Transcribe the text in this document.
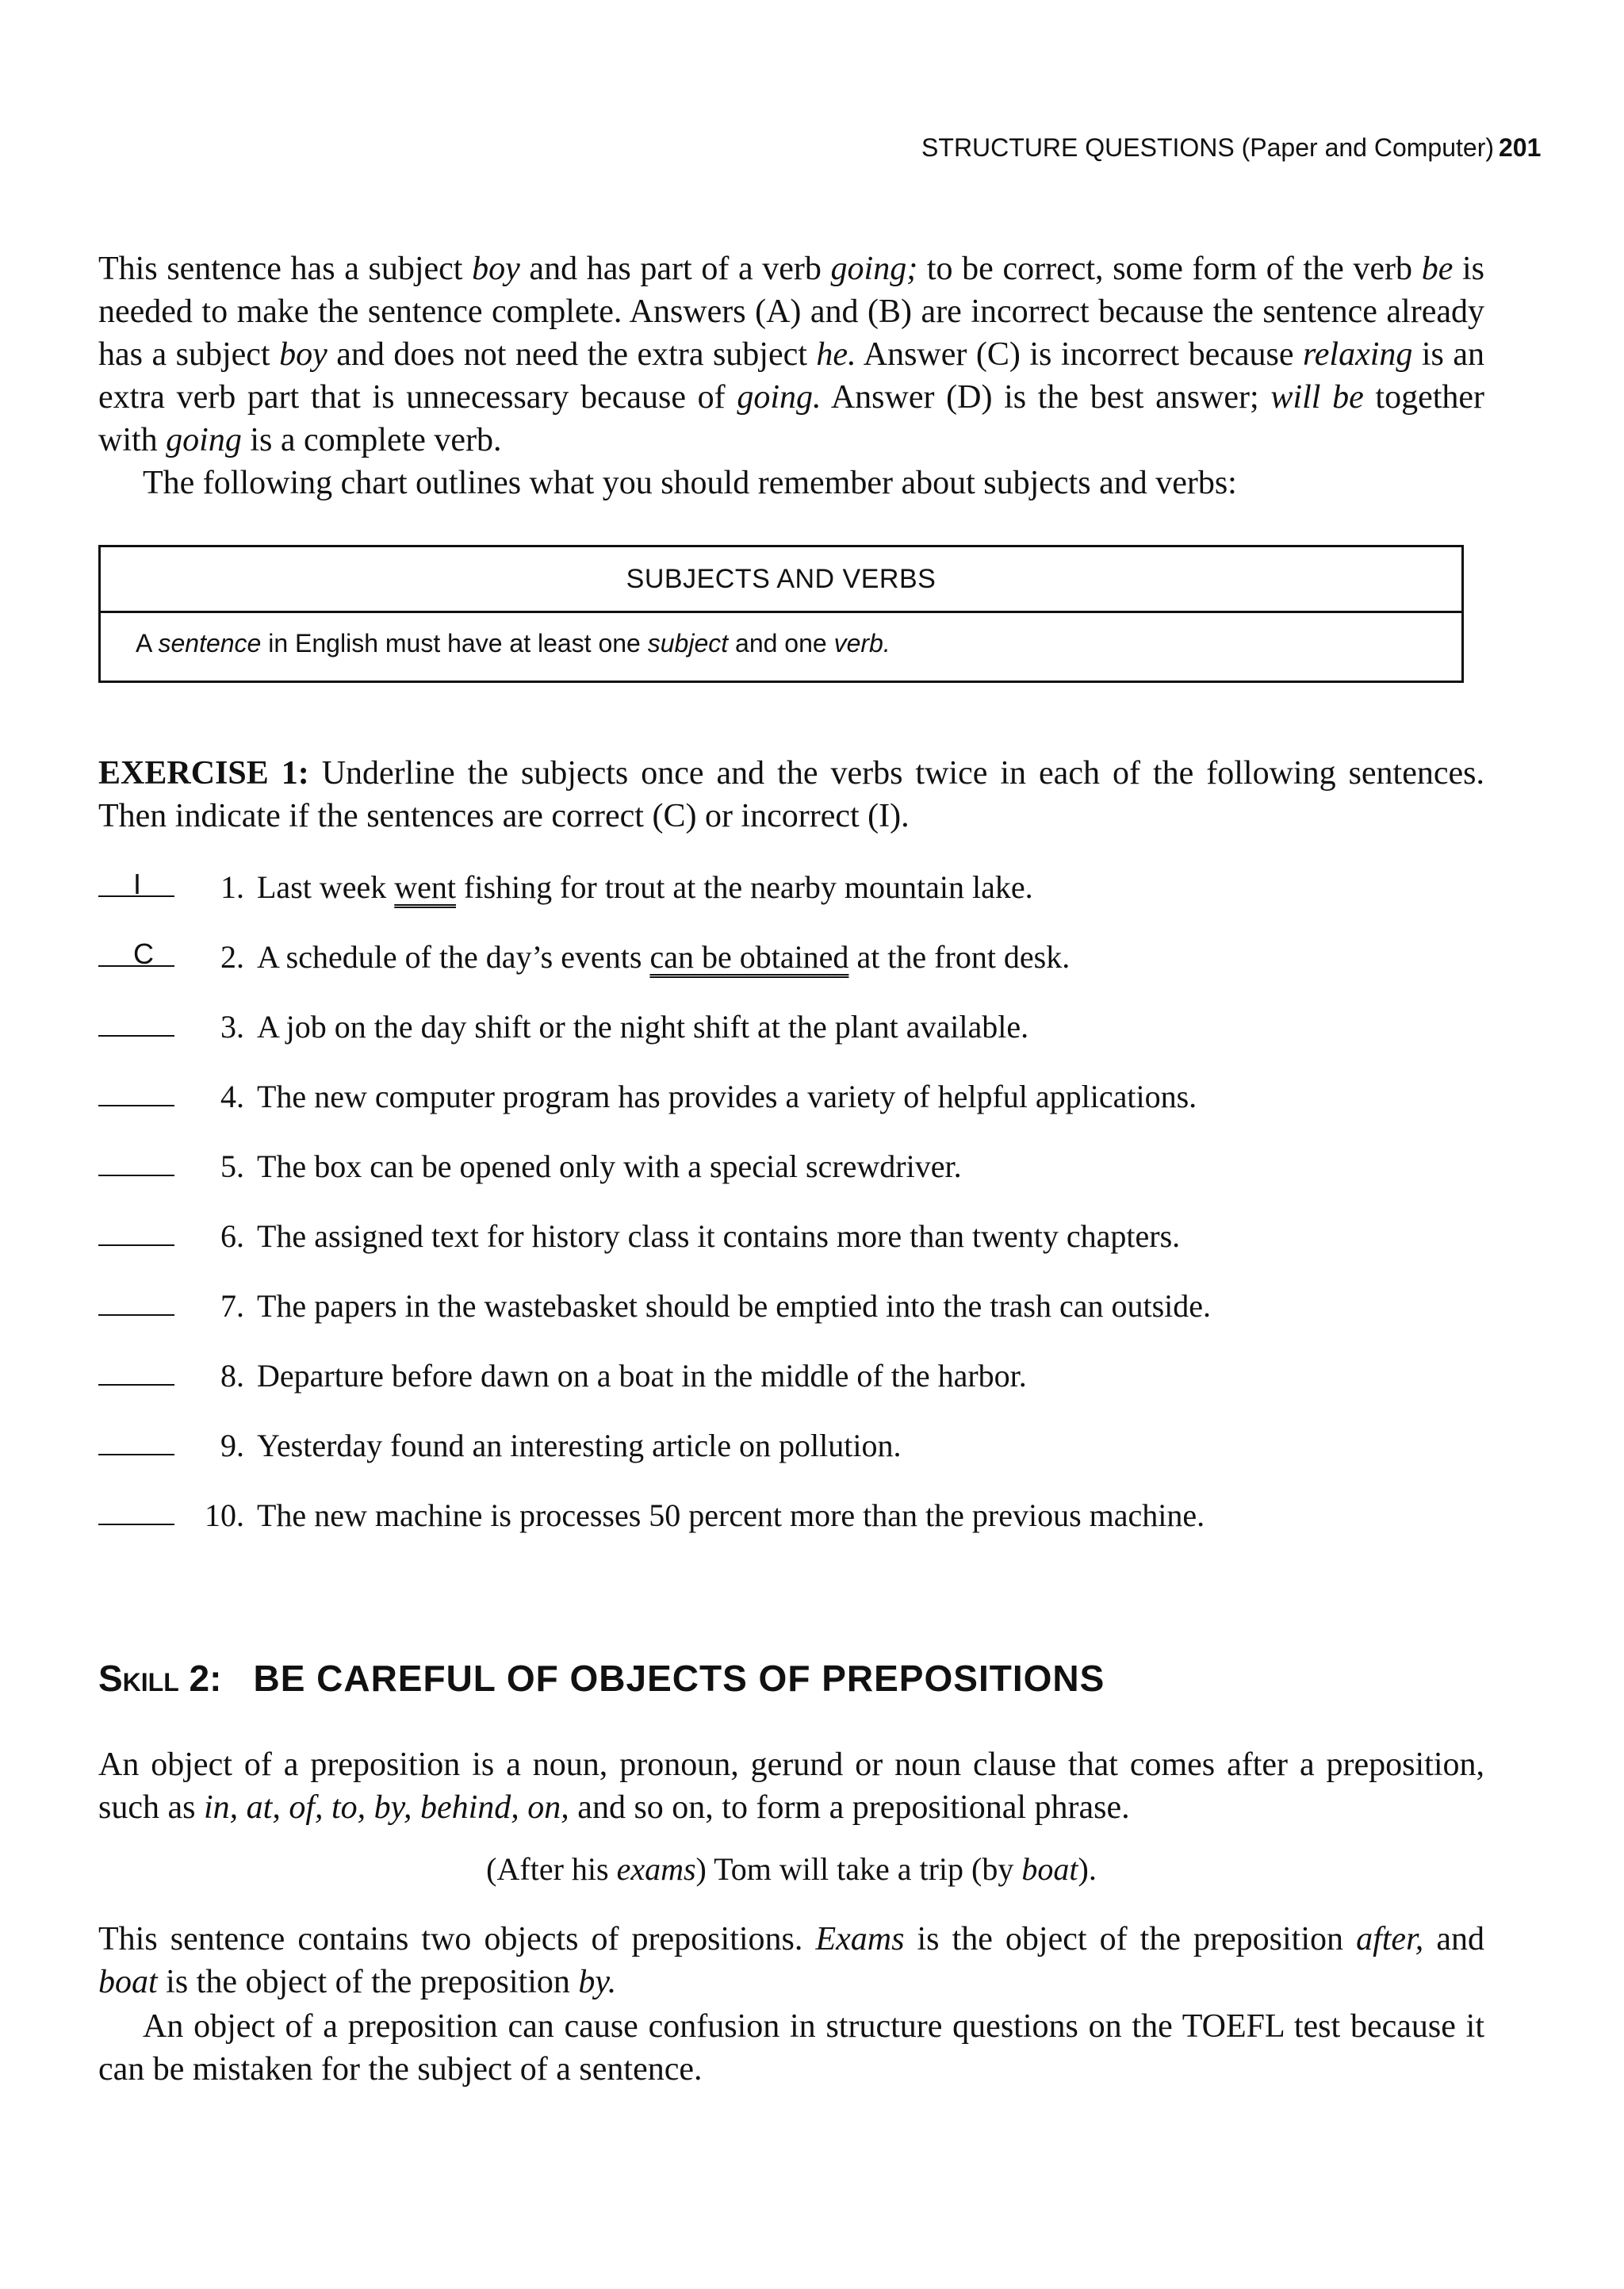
STRUCTURE QUESTIONS (Paper and Computer) 201

This sentence has a subject boy and has part of a verb going; to be correct, some form of the verb be is needed to make the sentence complete. Answers (A) and (B) are incorrect because the sentence already has a subject boy and does not need the extra subject he. Answer (C) is incorrect because relaxing is an extra verb part that is unnecessary because of going. Answer (D) is the best answer; will be together with going is a complete verb.

The following chart outlines what you should remember about subjects and verbs:

SUBJECTS AND VERBS
A sentence in English must have at least one subject and one verb.

EXERCISE 1: Underline the subjects once and the verbs twice in each of the following sentences. Then indicate if the sentences are correct (C) or incorrect (I).

I	1. Last week went fishing for trout at the nearby mountain lake.
C	2. A schedule of the day’s events can be obtained at the front desk.
3. A job on the day shift or the night shift at the plant available.
4. The new computer program has provides a variety of helpful applications.
5. The box can be opened only with a special screwdriver.
6. The assigned text for history class it contains more than twenty chapters.
7. The papers in the wastebasket should be emptied into the trash can outside.
8. Departure before dawn on a boat in the middle of the harbor.
9. Yesterday found an interesting article on pollution.
10. The new machine is processes 50 percent more than the previous machine.
Skill 2: BE CAREFUL OF OBJECTS OF PREPOSITIONS

An object of a preposition is a noun, pronoun, gerund or noun clause that comes after a preposition, such as in, at, of, to, by, behind, on, and so on, to form a prepositional phrase.

(After his exams) Tom will take a trip (by boat).

This sentence contains two objects of prepositions. Exams is the object of the preposition after, and boat is the object of the preposition by.

An object of a preposition can cause confusion in structure questions on the TOEFL test because it can be mistaken for the subject of a sentence.
